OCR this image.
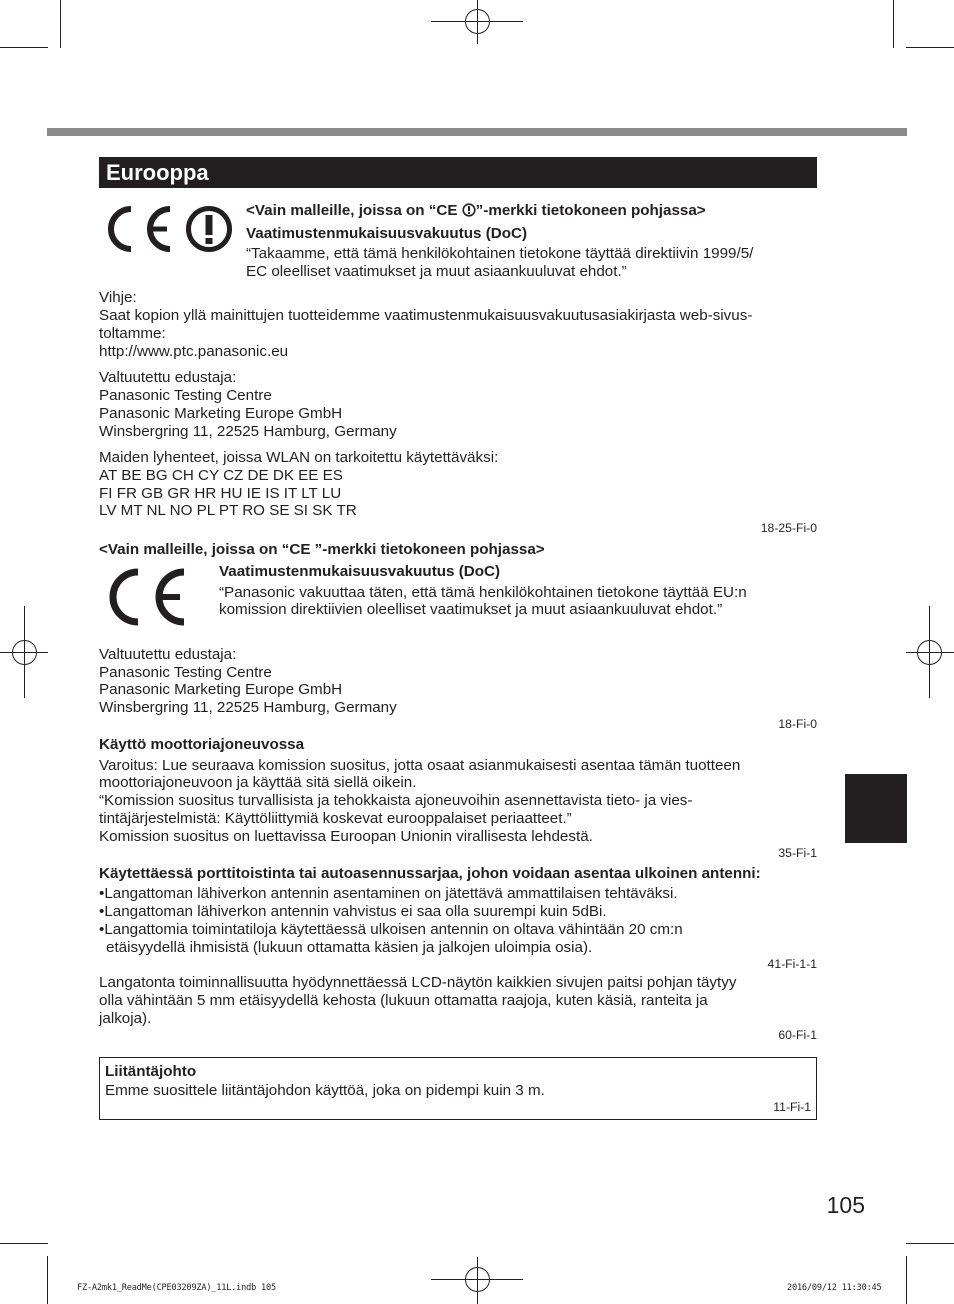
Eurooppa
<Vain malleille, joissa on “CE ”-merkki tietokoneen pohjassa>
Vaatimustenmukaisuusvakuutus (DoC)
“Takaamme, että tämä henkilökohtainen tietokone täyttää direktiivin 1999/5/
EC oleelliset vaatimukset ja muut asiaankuuluvat ehdot.”
Vihje:
Saat kopion yllä mainittujen tuotteidemme vaatimustenmukaisuusvakuutusasiakirjasta web-sivus-
toltamme:
http://www.ptc.panasonic.eu
Valtuutettu edustaja:
Panasonic Testing Centre
Panasonic Marketing Europe GmbH
Winsbergring 11, 22525 Hamburg, Germany
Maiden lyhenteet, joissa WLAN on tarkoitettu käytettäväksi:
AT BE BG CH CY CZ DE DK EE ES
FI FR GB GR HR HU IE IS IT LT LU
LV MT NL NO PL PT RO SE SI SK TR
18-25-Fi-0
<Vain malleille, joissa on “CE ”-merkki tietokoneen pohjassa>
Vaatimustenmukaisuusvakuutus (DoC)
“Panasonic vakuuttaa täten, että tämä henkilökohtainen tietokone täyttää EU:n
komission direktiivien oleelliset vaatimukset ja muut asiaankuuluvat ehdot.”
Valtuutettu edustaja:
Panasonic Testing Centre
Panasonic Marketing Europe GmbH
Winsbergring 11, 22525 Hamburg, Germany
18-Fi-0
Käyttö moottoriajoneuvossa
Varoitus: Lue seuraava komission suositus, jotta osaat asianmukaisesti asentaa tämän tuotteen
moottoriajoneuvoon ja käyttää sitä siellä oikein.
“Komission suositus turvallisista ja tehokkaista ajoneuvoihin asennettavista tieto- ja vies-
tintäjärjestelmistä: Käyttöliittymiä koskevat eurooppalaiset periaatteet.”
Komission suositus on luettavissa Euroopan Unionin virallisesta lehdestä.
35-Fi-1
Käytettäessä porttitoistinta tai autoasennussarjaa, johon voidaan asentaa ulkoinen antenni:
•Langattoman lähiverkon antennin asentaminen on jätettävä ammattilaisen tehtäväksi.
•Langattoman lähiverkon antennin vahvistus ei saa olla suurempi kuin 5dBi.
•Langattomia toimintatiloja käytettäessä ulkoisen antennin on oltava vähintään 20 cm:n
etäisyydellä ihmisistä (lukuun ottamatta käsien ja jalkojen uloimpia osia).
41-Fi-1-1
Langatonta toiminnallisuutta hyödynnettäessä LCD-näytön kaikkien sivujen paitsi pohjan täytyy
olla vähintään 5 mm etäisyydellä kehosta (lukuun ottamatta raajoja, kuten käsiä, ranteita ja
jalkoja).
60-Fi-1
Liitäntäjohto
Emme suosittele liitäntäjohdon käyttöä, joka on pidempi kuin 3 m.
11-Fi-1
105
FZ-A2mk1_ReadMe(CPE03209ZA)_11L.indb 105	2016/09/12 11:30:45
